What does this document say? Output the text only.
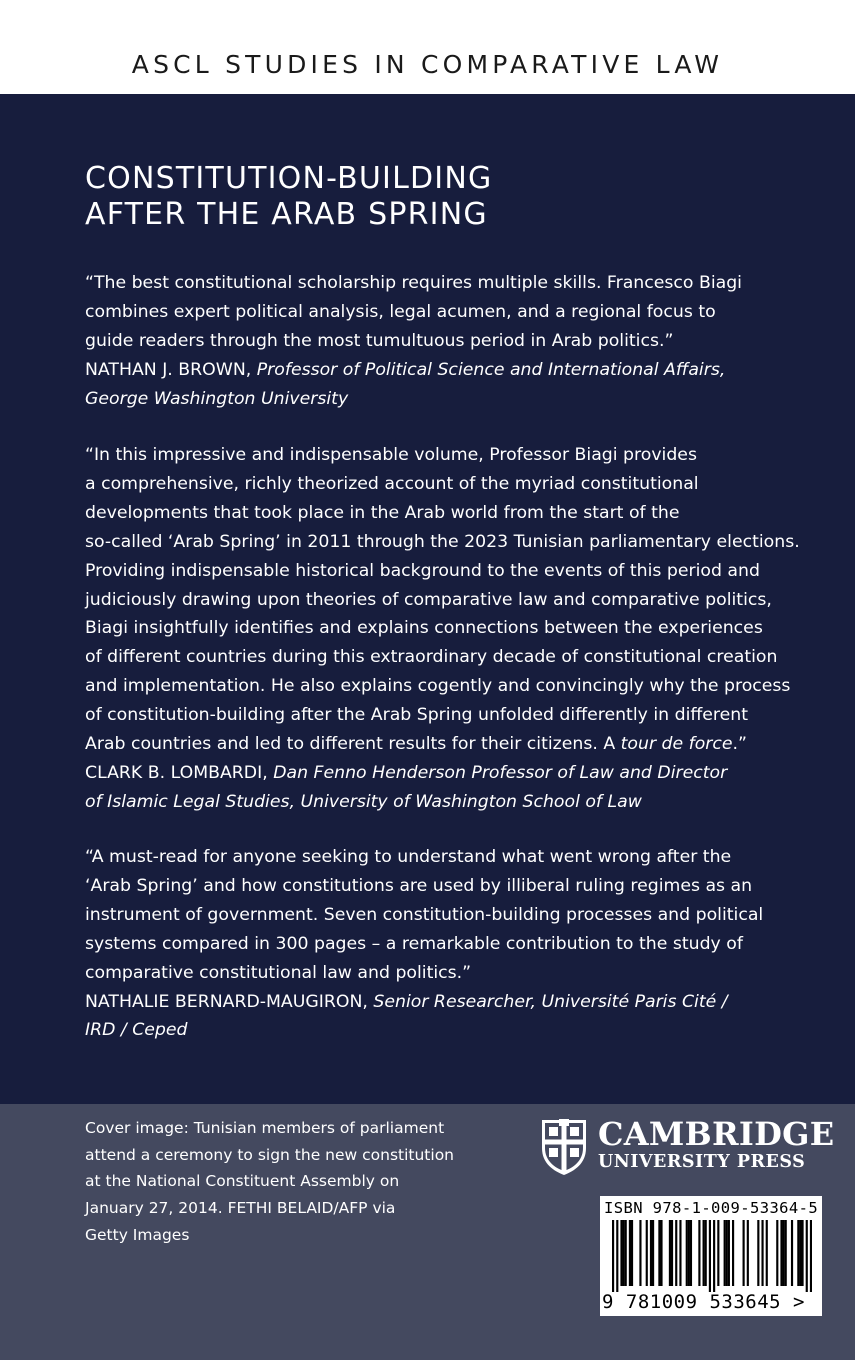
ASCL STUDIES IN COMPARATIVE LAW
CONSTITUTION-BUILDING
AFTER THE ARAB SPRING
“The best constitutional scholarship requires multiple skills. Francesco Biagi
combines expert political analysis, legal acumen, and a regional focus to
guide readers through the most tumultuous period in Arab politics.”
NATHAN J. BROWN, Professor of Political Science and International Affairs,
George Washington University
“In this impressive and indispensable volume, Professor Biagi provides
a comprehensive, richly theorized account of the myriad constitutional
developments that took place in the Arab world from the start of the
so-called ‘Arab Spring’ in 2011 through the 2023 Tunisian parliamentary elections.
Providing indispensable historical background to the events of this period and
judiciously drawing upon theories of comparative law and comparative politics,
Biagi insightfully identifies and explains connections between the experiences
of different countries during this extraordinary decade of constitutional creation
and implementation. He also explains cogently and convincingly why the process
of constitution-building after the Arab Spring unfolded differently in different
Arab countries and led to different results for their citizens. A tour de force.”
CLARK B. LOMBARDI, Dan Fenno Henderson Professor of Law and Director
of Islamic Legal Studies, University of Washington School of Law
“A must-read for anyone seeking to understand what went wrong after the
‘Arab Spring’ and how constitutions are used by illiberal ruling regimes as an
instrument of government. Seven constitution-building processes and political
systems compared in 300 pages – a remarkable contribution to the study of
comparative constitutional law and politics.”
NATHALIE BERNARD-MAUGIRON, Senior Researcher, Université Paris Cité /
IRD / Ceped
Cover image: Tunisian members of parliament
attend a ceremony to sign the new constitution
at the National Constituent Assembly on
January 27, 2014. FETHI BELAID/AFP via
Getty Images
CAMBRIDGE
UNIVERSITY PRESS
ISBN 978-1-009-53364-5
9 781009 533645 >
